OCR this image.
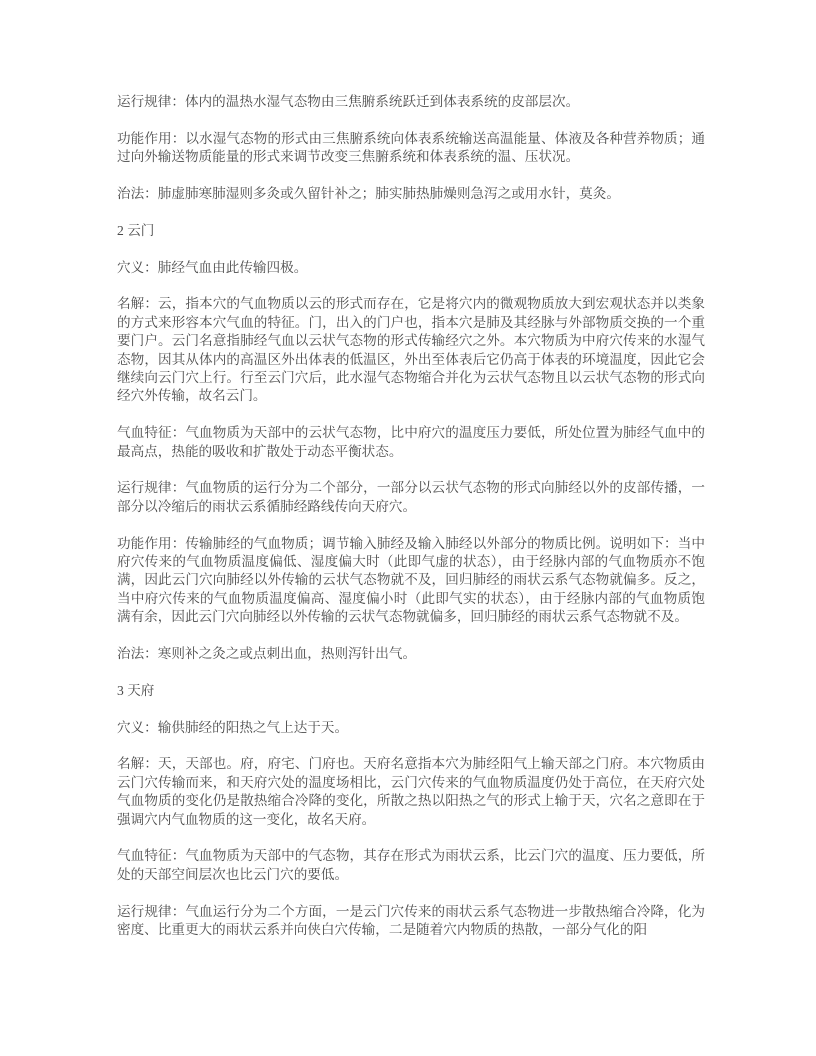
运行规律：体内的温热水湿气态物由三焦腑系统跃迁到体表系统的皮部层次。

功能作用：以水湿气态物的形式由三焦腑系统向体表系统输送高温能量、体液及各种营养物质；通过向外输送物质能量的形式来调节改变三焦腑系统和体表系统的温、压状况。

治法：肺虚肺寒肺湿则多灸或久留针补之；肺实肺热肺燥则急泻之或用水针，莫灸。

2 云门

穴义：肺经气血由此传输四极。

名解：云，指本穴的气血物质以云的形式而存在，它是将穴内的微观物质放大到宏观状态并以类象的方式来形容本穴气血的特征。门，出入的门户也，指本穴是肺及其经脉与外部物质交换的一个重要门户。云门名意指肺经气血以云状气态物的形式传输经穴之外。本穴物质为中府穴传来的水湿气态物，因其从体内的高温区外出体表的低温区，外出至体表后它仍高于体表的环境温度，因此它会继续向云门穴上行。行至云门穴后，此水湿气态物缩合并化为云状气态物且以云状气态物的形式向经穴外传输，故名云门。

气血特征：气血物质为天部中的云状气态物，比中府穴的温度压力要低，所处位置为肺经气血中的最高点，热能的吸收和扩散处于动态平衡状态。

运行规律：气血物质的运行分为二个部分，一部分以云状气态物的形式向肺经以外的皮部传播，一部分以冷缩后的雨状云系循肺经路线传向天府穴。

功能作用：传输肺经的气血物质；调节输入肺经及输入肺经以外部分的物质比例。说明如下：当中府穴传来的气血物质温度偏低、湿度偏大时（此即气虚的状态），由于经脉内部的气血物质亦不饱满，因此云门穴向肺经以外传输的云状气态物就不及，回归肺经的雨状云系气态物就偏多。反之，当中府穴传来的气血物质温度偏高、湿度偏小时（此即气实的状态），由于经脉内部的气血物质饱满有余，因此云门穴向肺经以外传输的云状气态物就偏多，回归肺经的雨状云系气态物就不及。

治法：寒则补之灸之或点刺出血，热则泻针出气。

3 天府

穴义：输供肺经的阳热之气上达于天。

名解：天，天部也。府，府宅、门府也。天府名意指本穴为肺经阳气上输天部之门府。本穴物质由云门穴传输而来，和天府穴处的温度场相比，云门穴传来的气血物质温度仍处于高位，在天府穴处气血物质的变化仍是散热缩合冷降的变化，所散之热以阳热之气的形式上输于天，穴名之意即在于强调穴内气血物质的这一变化，故名天府。

气血特征：气血物质为天部中的气态物，其存在形式为雨状云系，比云门穴的温度、压力要低，所处的天部空间层次也比云门穴的要低。

运行规律：气血运行分为二个方面，一是云门穴传来的雨状云系气态物进一步散热缩合冷降，化为密度、比重更大的雨状云系并向侠白穴传输，二是随着穴内物质的热散，一部分气化的阳
